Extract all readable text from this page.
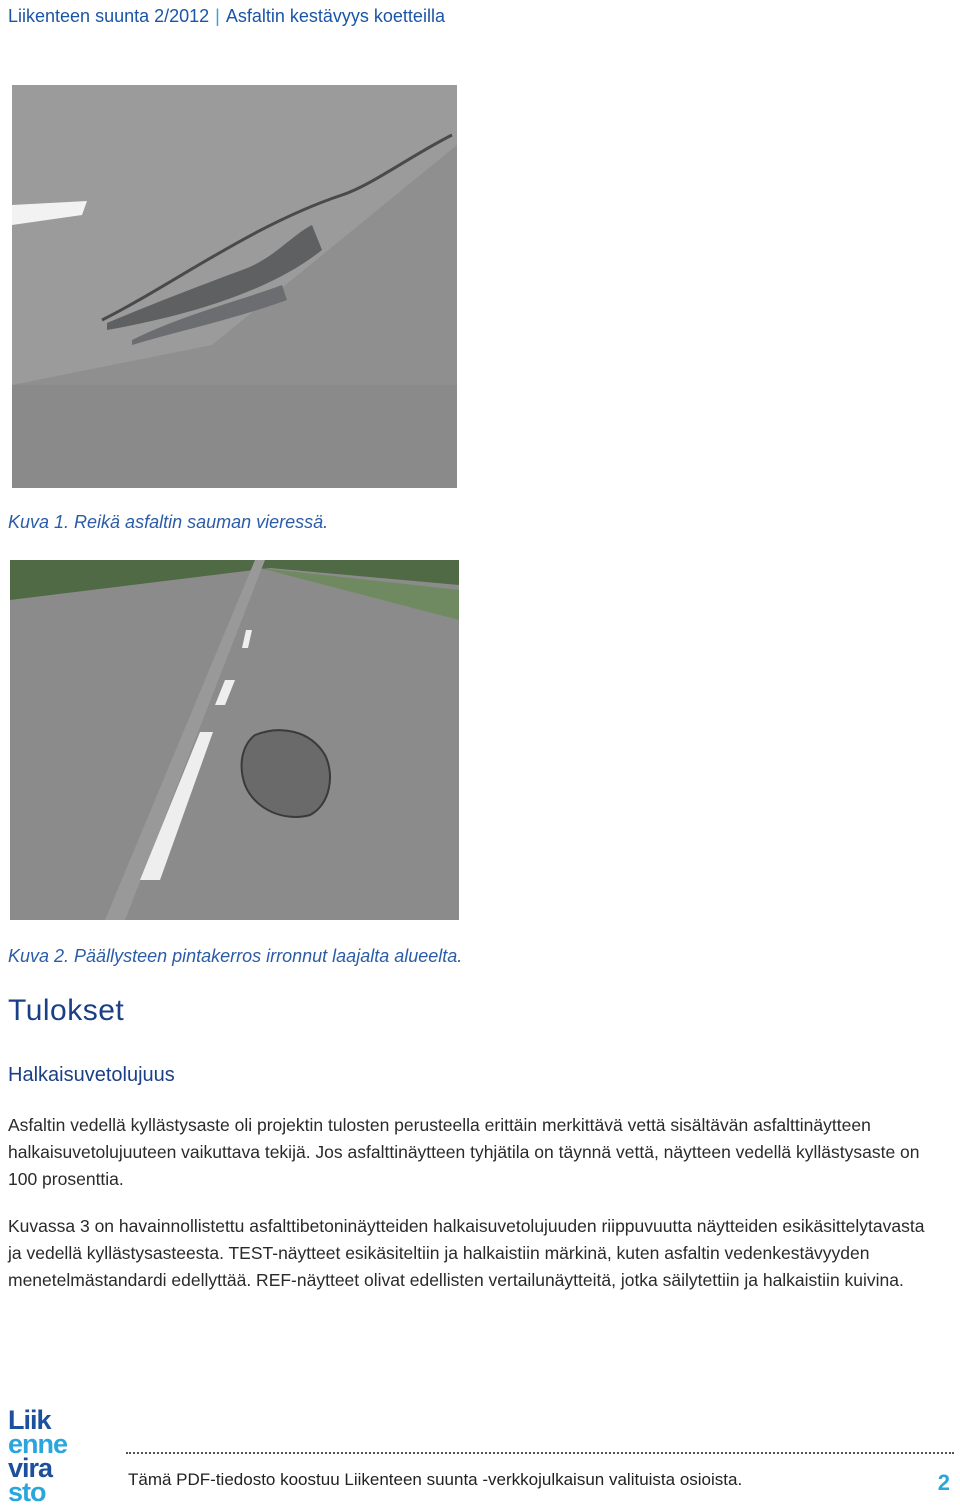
Liikenteen suunta 2/2012 | Asfaltin kestävyys koetteilla
Kuva 1. Reikä asfaltin sauman vieressä.
Kuva 2. Päällysteen pintakerros irronnut laajalta alueelta.
Tulokset
Halkaisuvetolujuus

Asfaltin vedellä kyllästysaste oli projektin tulosten perusteella erittäin merkittävä vettä sisältävän asfalttinäytteen halkaisuvetolujuuteen vaikuttava tekijä. Jos asfalttinäytteen tyhjätila on täynnä vettä, näytteen vedellä kyllästysaste on 100 prosenttia.

Kuvassa 3 on havainnollistettu asfalttibetoninäytteiden halkaisuvetolujuuden riippuvuutta näytteiden esikäsittelytavasta ja vedellä kyllästysasteesta. TEST-näytteet esikäsiteltiin ja halkaistiin märkinä, kuten asfaltin vedenkestävyyden menetelmästandardi edellyttää. REF-näytteet olivat edellisten vertailunäytteitä, jotka säilytettiin ja halkaistiin kuivina.

Liik
enne
vira
sto	Tämä PDF-tiedosto koostuu Liikenteen suunta -verkkojulkaisun valituista osioista.	2
